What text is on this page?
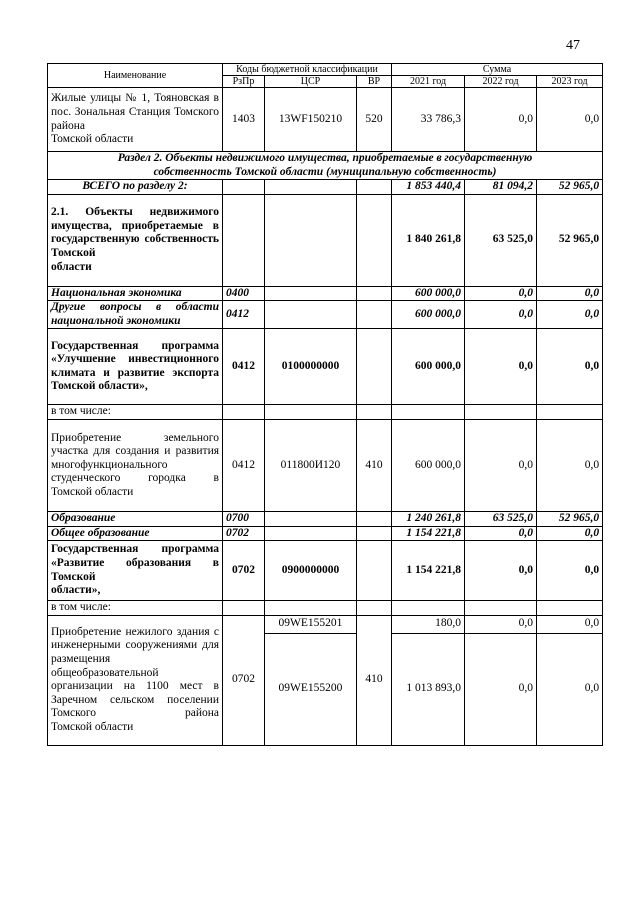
47
Наименование	Коды бюджетной классификации			Сумма		
	РзПр	ЦСР	ВР	2021 год	2022 год	2023 год
Жилые улицы № 1, Тояновская в пос. Зональная Станция Томского района
Томской области	1403	13WF150210	520	33 786,3	0,0	0,0
Раздел 2. Объекты недвижимого имущества, приобретаемые в государственную
собственность Томской области (муниципальную собственность)						
ВСЕГО по разделу 2:				1 853 440,4	81 094,2	52 965,0
2.1. Объекты недвижимого имущества, приобретаемые в государственную собственность Томской
области				1 840 261,8	63 525,0	52 965,0
Национальная экономика	0400			600 000,0	0,0	0,0
Другие вопросы в области
национальной экономики	0412			600 000,0	0,0	0,0
Государственная программа «Улучшение инвестиционного климата и развитие экспорта
Томской области»,	0412	0100000000		600 000,0	0,0	0,0
в том числе:						
Приобретение земельного участка для создания и развития многофункционального студенческого городка в
Томской области	0412	011800И120	410	600 000,0	0,0	0,0
Образование	0700			1 240 261,8	63 525,0	52 965,0
Общее образование	0702			1 154 221,8	0,0	0,0
Государственная программа «Развитие образования в Томской
области»,	0702	0900000000		1 154 221,8	0,0	0,0
в том числе:						
Приобретение нежилого здания с инженерными сооружениями для размещения общеобразовательной организации на 1100 мест в Заречном сельском поселении Томского района
Томской области	0702	09WE155201	410	180,0	0,0	0,0
		09WE155200		1 013 893,0	0,0	0,0
